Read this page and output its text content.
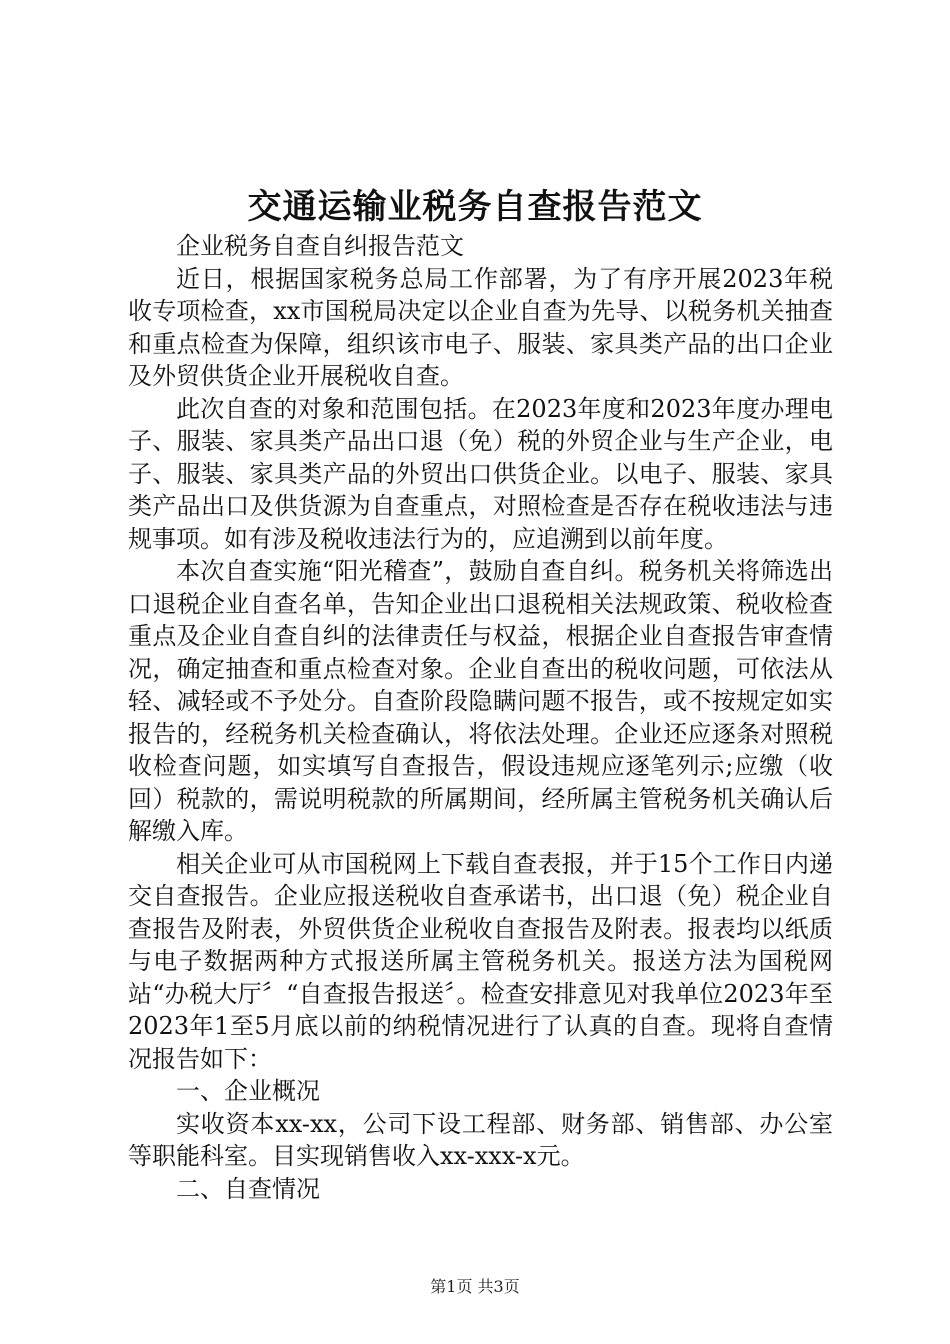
交通运输业税务自查报告范文

企业税务自查自纠报告范文

近日，根据国家税务总局工作部署，为了有序开展2023年税收专项检查，xx市国税局决定以企业自查为先导、以税务机关抽查和重点检查为保障，组织该市电子、服装、家具类产品的出口企业及外贸供货企业开展税收自查。

此次自查的对象和范围包括。在2023年度和2023年度办理电子、服装、家具类产品出口退（免）税的外贸企业与生产企业，电子、服装、家具类产品的外贸出口供货企业。以电子、服装、家具类产品出口及供货源为自查重点，对照检查是否存在税收违法与违规事项。如有涉及税收违法行为的，应追溯到以前年度。

本次自查实施“阳光稽查”，鼓励自查自纠。税务机关将筛选出口退税企业自查名单，告知企业出口退税相关法规政策、税收检查重点及企业自查自纠的法律责任与权益，根据企业自查报告审查情况，确定抽查和重点检查对象。企业自查出的税收问题，可依法从轻、减轻或不予处分。自查阶段隐瞒问题不报告，或不按规定如实报告的，经税务机关检查确认，将依法处理。企业还应逐条对照税收检查问题，如实填写自查报告，假设违规应逐笔列示;应缴（收回）税款的，需说明税款的所属期间，经所属主管税务机关确认后解缴入库。

相关企业可从市国税网上下载自查表报，并于15个工作日内递交自查报告。企业应报送税收自查承诺书，出口退（免）税企业自查报告及附表，外贸供货企业税收自查报告及附表。报表均以纸质与电子数据两种方式报送所属主管税务机关。报送方法为国税网站“办税大厅〞“自查报告报送〞。检查安排意见对我单位2023年至2023年1至5月底以前的纳税情况进行了认真的自查。现将自查情况报告如下：

一、企业概况

实收资本xx-xx，公司下设工程部、财务部、销售部、办公室等职能科室。目实现销售收入xx-xxx-x元。

二、自查情况

第1页 共3页
